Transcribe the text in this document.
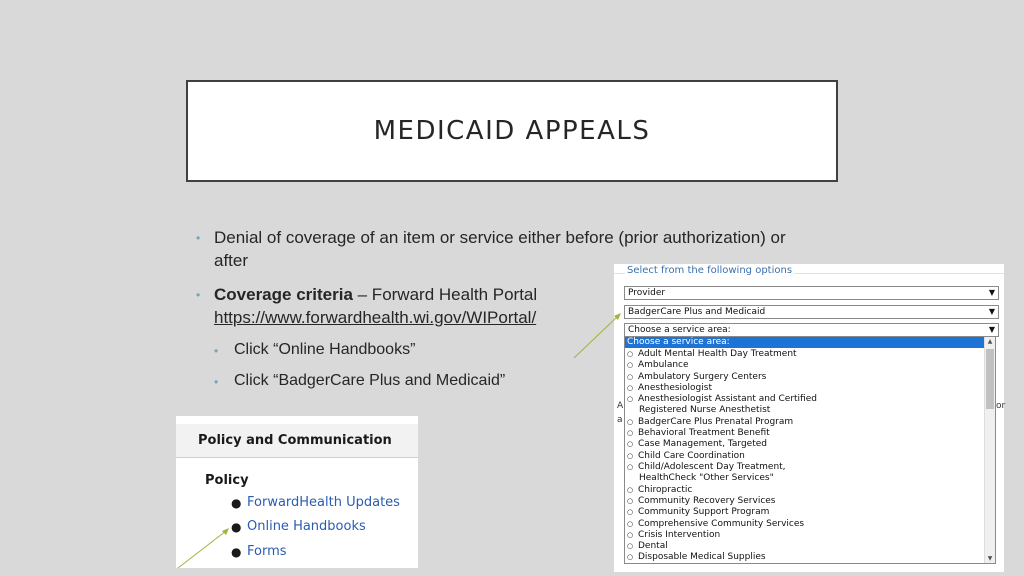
MEDICAID APPEALS
• Denial of coverage of an item or service either before (prior authorization) or
after
• Coverage criteria – Forward Health Portal
https://www.forwardhealth.wi.gov/WIPortal/
• Click “Online Handbooks”
• Click “BadgerCare Plus and Medicaid”
Policy and Communication
Policy
● ForwardHealth Updates
● Online Handbooks
● Forms
Select from the following options
Provider	▼
BadgerCare Plus and Medicaid	▼
Choose a service area:	▼
A
a
or
Choose a service area:
○ Adult Mental Health Day Treatment
○ Ambulance
○ Ambulatory Surgery Centers
○ Anesthesiologist
○ Anesthesiologist Assistant and Certified
Registered Nurse Anesthetist
○ BadgerCare Plus Prenatal Program
○ Behavioral Treatment Benefit
○ Case Management, Targeted
○ Child Care Coordination
○ Child/Adolescent Day Treatment,
HealthCheck "Other Services"
○ Chiropractic
○ Community Recovery Services
○ Community Support Program
○ Comprehensive Community Services
○ Crisis Intervention
○ Dental
○ Disposable Medical Supplies
▲
▼
